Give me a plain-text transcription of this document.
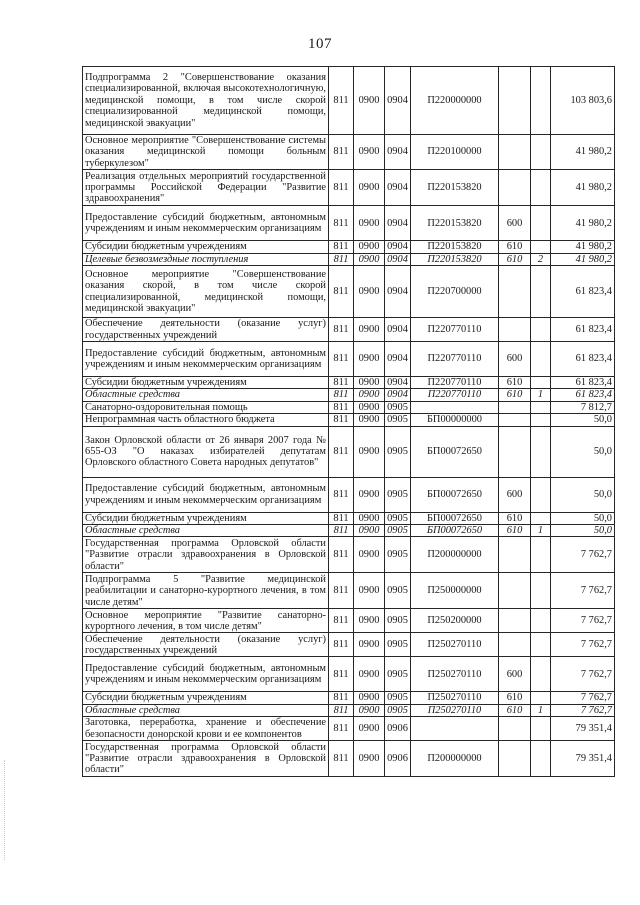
107
Подпрограмма 2 "Совершенствование оказания специализированной, включая высокотехнологичную, медицинской помощи, в том числе скорой специализированной медицинской помощи, медицинской эвакуации"	811	0900	0904	П220000000			103 803,6
Основное мероприятие "Совершенствование системы оказания медицинской помощи больным туберкулезом"	811	0900	0904	П220100000			41 980,2
Реализация отдельных мероприятий государственной программы Российской Федерации "Развитие здравоохранения"	811	0900	0904	П220153820			41 980,2
Предоставление субсидий бюджетным, автономным учреждениям и иным некоммерческим организациям	811	0900	0904	П220153820	600		41 980,2
Субсидии бюджетным учреждениям	811	0900	0904	П220153820	610		41 980,2
Целевые безвозмездные поступления	811	0900	0904	П220153820	610	2	41 980,2
Основное мероприятие "Совершенствование оказания скорой, в том числе скорой специализированной, медицинской помощи, медицинской эвакуации"	811	0900	0904	П220700000			61 823,4
Обеспечение деятельности (оказание услуг) государственных учреждений	811	0900	0904	П220770110			61 823,4
Предоставление субсидий бюджетным, автономным учреждениям и иным некоммерческим организациям	811	0900	0904	П220770110	600		61 823,4
Субсидии бюджетным учреждениям	811	0900	0904	П220770110	610		61 823,4
Областные средства	811	0900	0904	П220770110	610	1	61 823,4
Санаторно-оздоровительная помощь	811	0900	0905				7 812,7
Непрограммная часть областного бюджета	811	0900	0905	БП00000000			50,0
Закон Орловской области от 26 января 2007 года № 655-ОЗ "О наказах избирателей депутатам Орловского областного Совета народных депутатов"	811	0900	0905	БП00072650			50,0
Предоставление субсидий бюджетным, автономным учреждениям и иным некоммерческим организациям	811	0900	0905	БП00072650	600		50,0
Субсидии бюджетным учреждениям	811	0900	0905	БП00072650	610		50,0
Областные средства	811	0900	0905	БП00072650	610	1	50,0
Государственная программа Орловской области "Развитие отрасли здравоохранения в Орловской области"	811	0900	0905	П200000000			7 762,7
Подпрограмма 5 "Развитие медицинской реабилитации и санаторно-курортного лечения, в том числе детям"	811	0900	0905	П250000000			7 762,7
Основное мероприятие "Развитие санаторно-курортного лечения, в том числе детям"	811	0900	0905	П250200000			7 762,7
Обеспечение деятельности (оказание услуг) государственных учреждений	811	0900	0905	П250270110			7 762,7
Предоставление субсидий бюджетным, автономным учреждениям и иным некоммерческим организациям	811	0900	0905	П250270110	600		7 762,7
Субсидии бюджетным учреждениям	811	0900	0905	П250270110	610		7 762,7
Областные средства	811	0900	0905	П250270110	610	1	7 762,7
Заготовка, переработка, хранение и обеспечение безопасности донорской крови и ее компонентов	811	0900	0906				79 351,4
Государственная программа Орловской области "Развитие отрасли здравоохранения в Орловской области"	811	0900	0906	П200000000			79 351,4
